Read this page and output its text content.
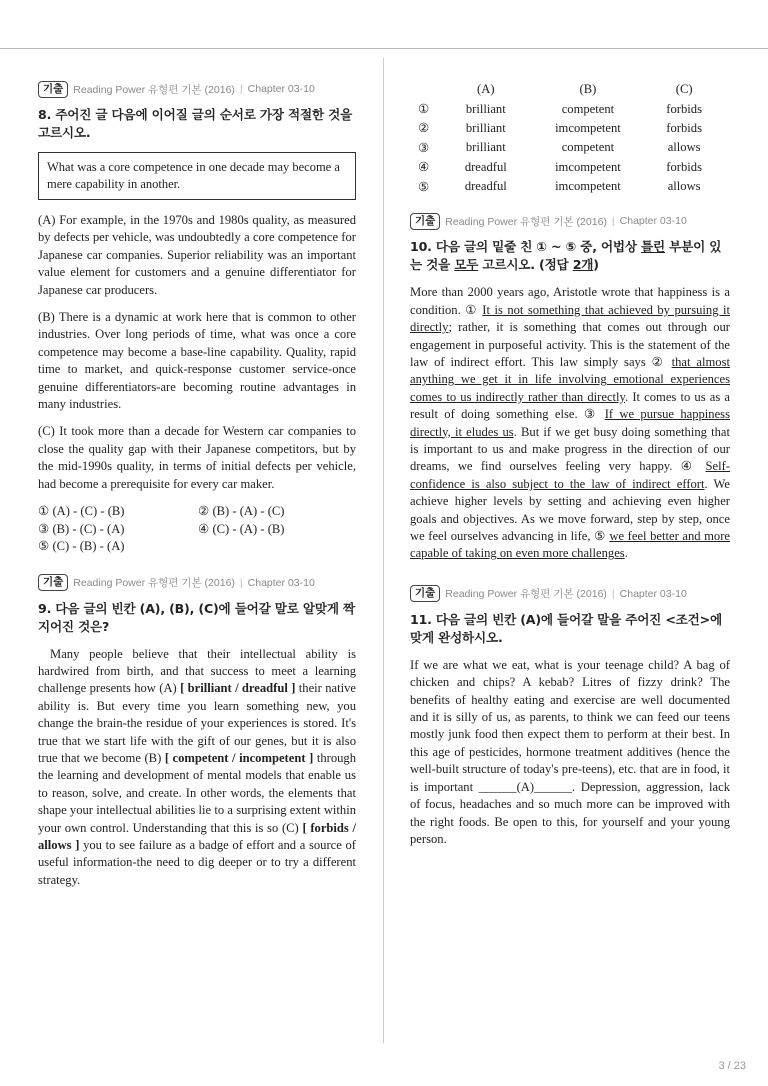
기출 Reading Power 유형편 기본 (2016) | Chapter 03-10
8. 주어진 글 다음에 이어질 글의 순서로 가장 적절한 것을 고르시오.
What was a core competence in one decade may become a mere capability in another.

(A) For example, in the 1970s and 1980s quality, as measured by defects per vehicle, was undoubtedly a core competence for Japanese car companies. Superior reliability was an important value element for customers and a genuine differentiator for Japanese car producers.

(B) There is a dynamic at work here that is common to other industries. Over long periods of time, what was once a core competence may become a base-line capability. Quality, rapid time to market, and quick-response customer service-once genuine differentiators-are becoming routine advantages in many industries.

(C) It took more than a decade for Western car companies to close the quality gap with their Japanese competitors, but by the mid-1990s quality, in terms of initial defects per vehicle, had become a prerequisite for every car maker.

① (A) - (C) - (B)	② (B) - (A) - (C)
③ (B) - (C) - (A)	④ (C) - (A) - (B)
⑤ (C) - (B) - (A)
기출 Reading Power 유형편 기본 (2016) | Chapter 03-10
9. 다음 글의 빈칸 (A), (B), (C)에 들어갈 말로 알맞게 짝지어진 것은?

Many people believe that their intellectual ability is hardwired from birth, and that success to meet a learning challenge presents how (A) [ brilliant / dreadful ] their native ability is. But every time you learn something new, you change the brain-the residue of your experiences is stored. It's true that we start life with the gift of our genes, but it is also true that we become (B) [ competent / incompetent ] through the learning and development of mental models that enable us to reason, solve, and create. In other words, the elements that shape your intellectual abilities lie to a surprising extent within your own control. Understanding that this is so (C) [ forbids / allows ] you to see failure as a badge of effort and a source of useful information-the need to dig deeper or to try a different strategy.

	(A)	(B)	(C)
①	brilliant	competent	forbids
②	brilliant	imcompetent	forbids
③	brilliant	competent	allows
④	dreadful	imcompetent	forbids
⑤	dreadful	imcompetent	allows
기출 Reading Power 유형편 기본 (2016) | Chapter 03-10
10. 다음 글의 밑줄 친 ① ~ ⑤ 중, 어법상 틀린 부분이 있는 것을 모두 고르시오. (정답 2개)

More than 2000 years ago, Aristotle wrote that happiness is a condition. ① It is not something that achieved by pursuing it directly; rather, it is something that comes out through our engagement in purposeful activity. This is the statement of the law of indirect effort. This law simply says ② that almost anything we get it in life involving emotional experiences comes to us indirectly rather than directly. It comes to us as a result of doing something else. ③ If we pursue happiness directly, it eludes us. But if we get busy doing something that is important to us and make progress in the direction of our dreams, we find ourselves feeling very happy. ④ Self-confidence is also subject to the law of indirect effort. We achieve higher levels by setting and achieving even higher goals and objectives. As we move forward, step by step, once we feel ourselves advancing in life, ⑤ we feel better and more capable of taking on even more challenges.

기출 Reading Power 유형편 기본 (2016) | Chapter 03-10
11. 다음 글의 빈칸 (A)에 들어갈 말을 주어진 <조건>에 맞게 완성하시오.

If we are what we eat, what is your teenage child? A bag of chicken and chips? A kebab? Litres of fizzy drink? The benefits of healthy eating and exercise are well documented and it is silly of us, as parents, to think we can feed our teens mostly junk food then expect them to perform at their best. In this age of pesticides, hormone treatment additives (hence the well-built structure of today's pre-teens), etc. that are in food, it is important ______(A)______. Depression, aggression, lack of focus, headaches and so much more can be improved with the right foods. Be open to this, for yourself and your young person.

3 / 23
